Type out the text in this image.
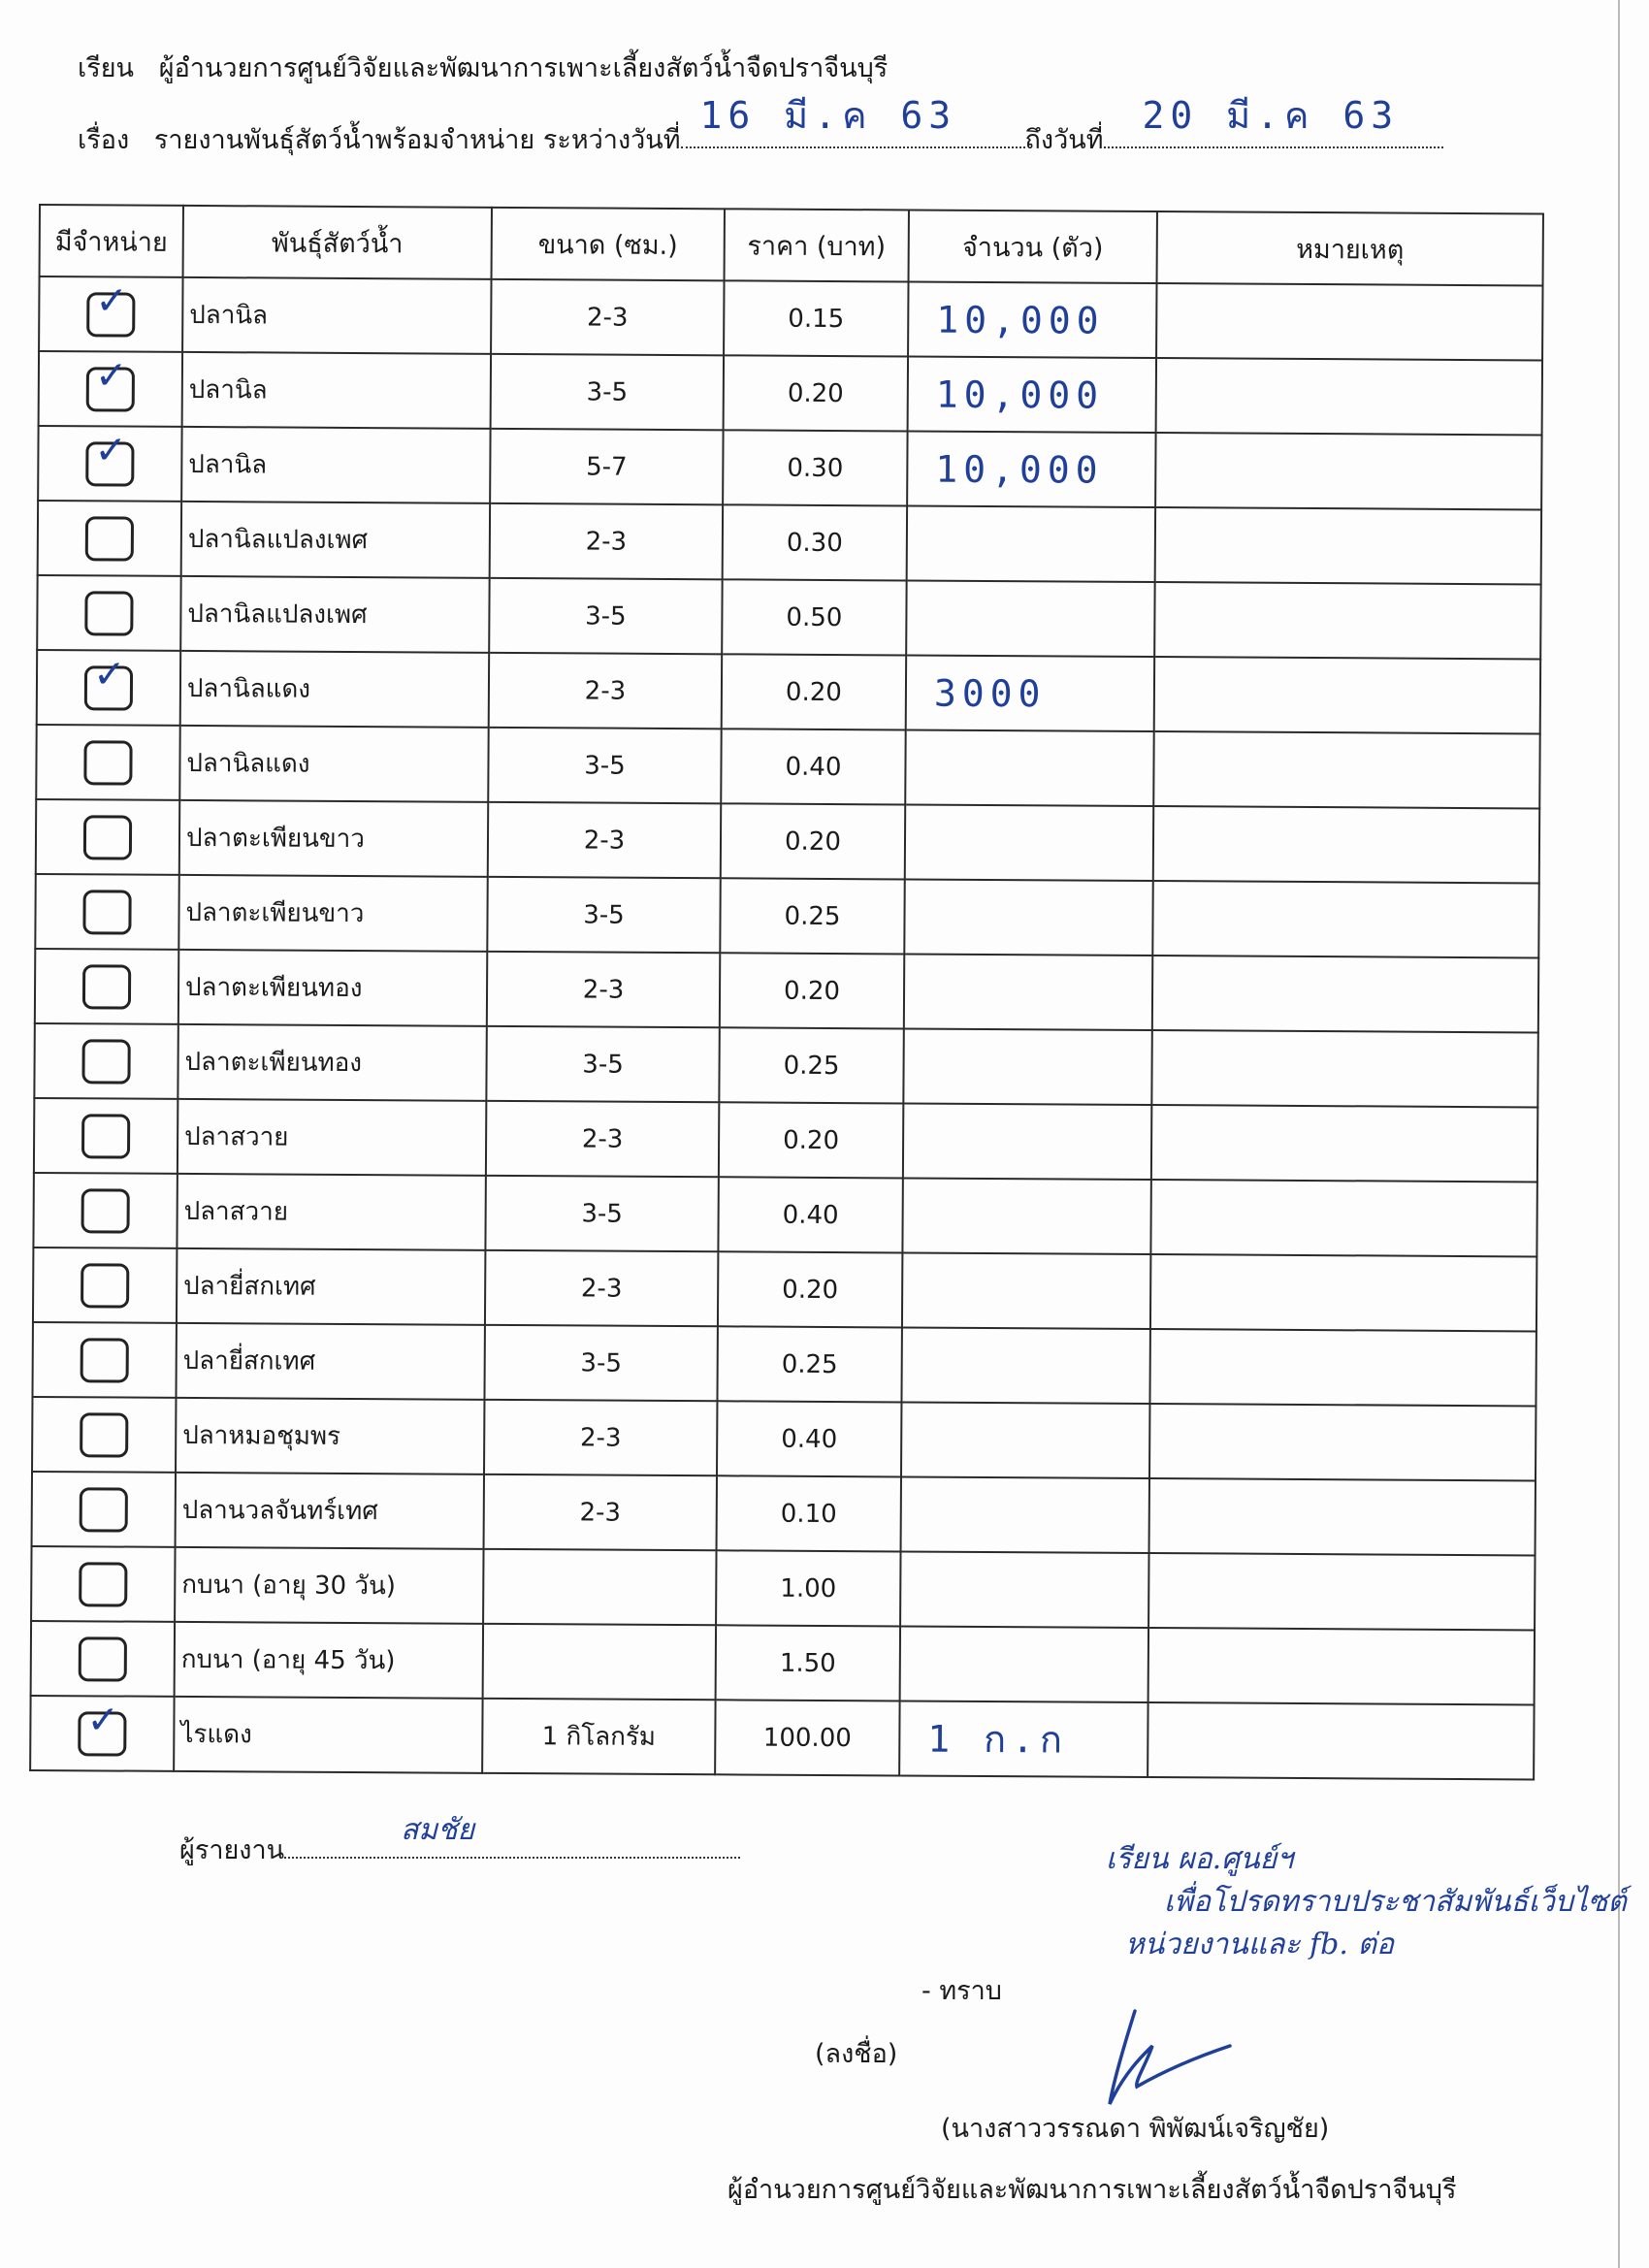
เรียน ผู้อำนวยการศูนย์วิจัยและพัฒนาการเพาะเลี้ยงสัตว์น้ำจืดปราจีนบุรี
เรื่อง รายงานพันธุ์สัตว์น้ำพร้อมจำหน่าย ระหว่างวันที่
16 มี.ค 63
ถึงวันที่
20 มี.ค 63
มีจำหน่าย	พันธุ์สัตว์น้ำ	ขนาด (ซม.)	ราคา (บาท)	จำนวน (ตัว)	หมายเหตุ

✓	ปลานิล	2-3	0.15	10,000	

✓	ปลานิล	3-5	0.20	10,000	

✓	ปลานิล	5-7	0.30	10,000	
	ปลานิลแปลงเพศ	2-3	0.30		
	ปลานิลแปลงเพศ	3-5	0.50		

✓	ปลานิลแดง	2-3	0.20	3000	
	ปลานิลแดง	3-5	0.40		
	ปลาตะเพียนขาว	2-3	0.20		
	ปลาตะเพียนขาว	3-5	0.25		
	ปลาตะเพียนทอง	2-3	0.20		
	ปลาตะเพียนทอง	3-5	0.25		
	ปลาสวาย	2-3	0.20		
	ปลาสวาย	3-5	0.40		
	ปลายี่สกเทศ	2-3	0.20		
	ปลายี่สกเทศ	3-5	0.25		
	ปลาหมอชุมพร	2-3	0.40		
	ปลานวลจันทร์เทศ	2-3	0.10		
	กบนา (อายุ 30 วัน)		1.00		
	กบนา (อายุ 45 วัน)		1.50		

✓	ไรแดง	1 กิโลกรัม	100.00	1 ก.ก	
ผู้รายงาน
สมชัย
เรียน ผอ.ศูนย์ฯ
เพื่อโปรดทราบประชาสัมพันธ์เว็บไซต์
หน่วยงานและ fb. ต่อ
- ทราบ
(ลงชื่อ)
(นางสาววรรณดา พิพัฒน์เจริญชัย)
ผู้อำนวยการศูนย์วิจัยและพัฒนาการเพาะเลี้ยงสัตว์น้ำจืดปราจีนบุรี
